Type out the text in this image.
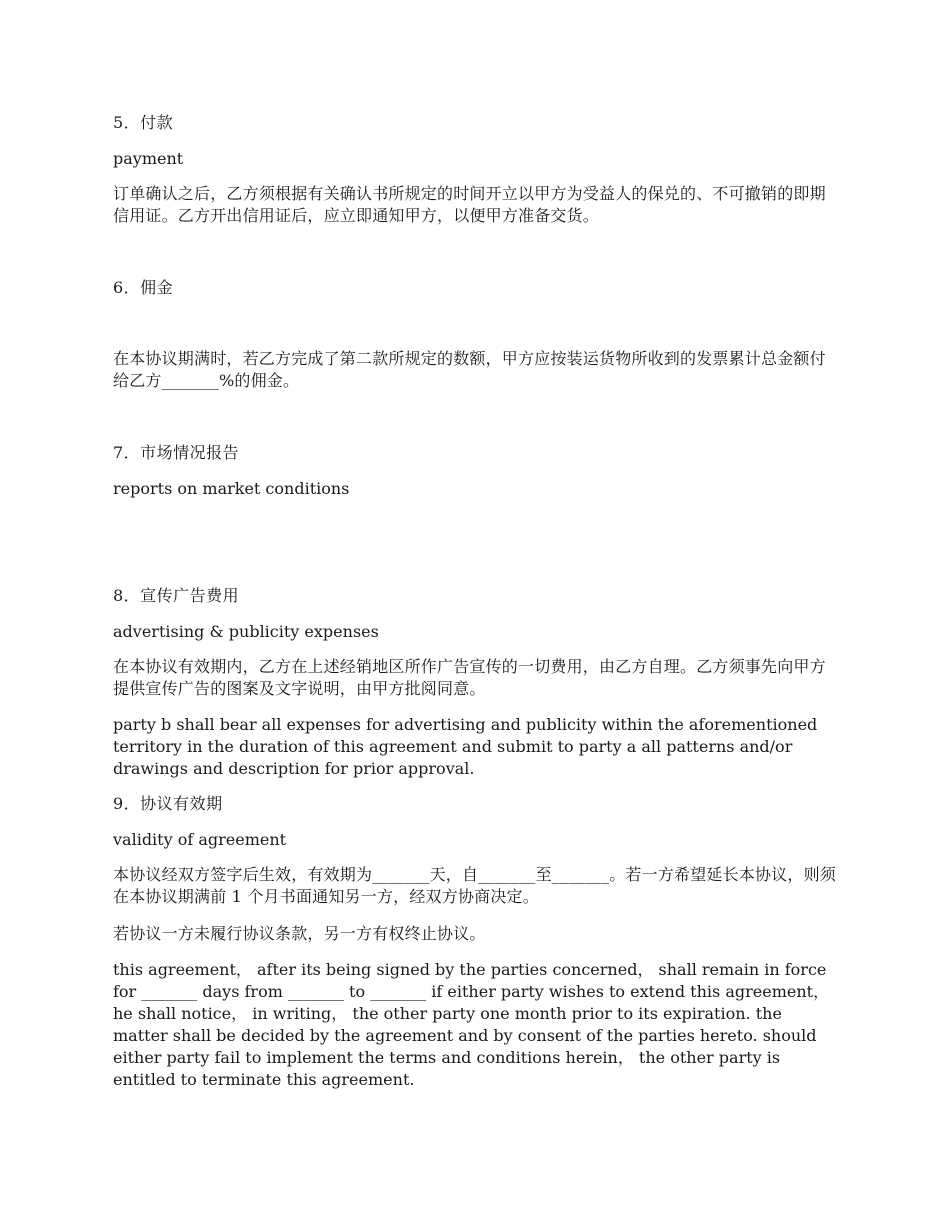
5．付款

payment

订单确认之后，乙方须根据有关确认书所规定的时间开立以甲方为受益人的保兑的、不可撤销的即期信用证。乙方开出信用证后，应立即通知甲方，以便甲方准备交货。

6．佣金

在本协议期满时，若乙方完成了第二款所规定的数额，甲方应按装运货物所收到的发票累计总金额付给乙方_______%的佣金。

7．市场情况报告

reports on market conditions

8．宣传广告费用

advertising & publicity expenses

在本协议有效期内，乙方在上述经销地区所作广告宣传的一切费用，由乙方自理。乙方须事先向甲方提供宣传广告的图案及文字说明，由甲方批阅同意。

party b shall bear all expenses for advertising and publicity within the aforementioned territory in the duration of this agreement and submit to party a all patterns and/or drawings and description for prior approval.

9．协议有效期

validity of agreement

本协议经双方签字后生效，有效期为_______天，自_______至_______。若一方希望延长本协议，则须在本协议期满前 1 个月书面通知另一方，经双方协商决定。

若协议一方未履行协议条款，另一方有权终止协议。

this agreement， after its being signed by the parties concerned， shall remain in force for _______ days from _______ to _______ if either party wishes to extend this agreement， he shall notice， in writing， the other party one month prior to its expiration. the matter shall be decided by the agreement and by consent of the parties hereto. should either party fail to implement the terms and conditions herein， the other party is entitled to terminate this agreement.
